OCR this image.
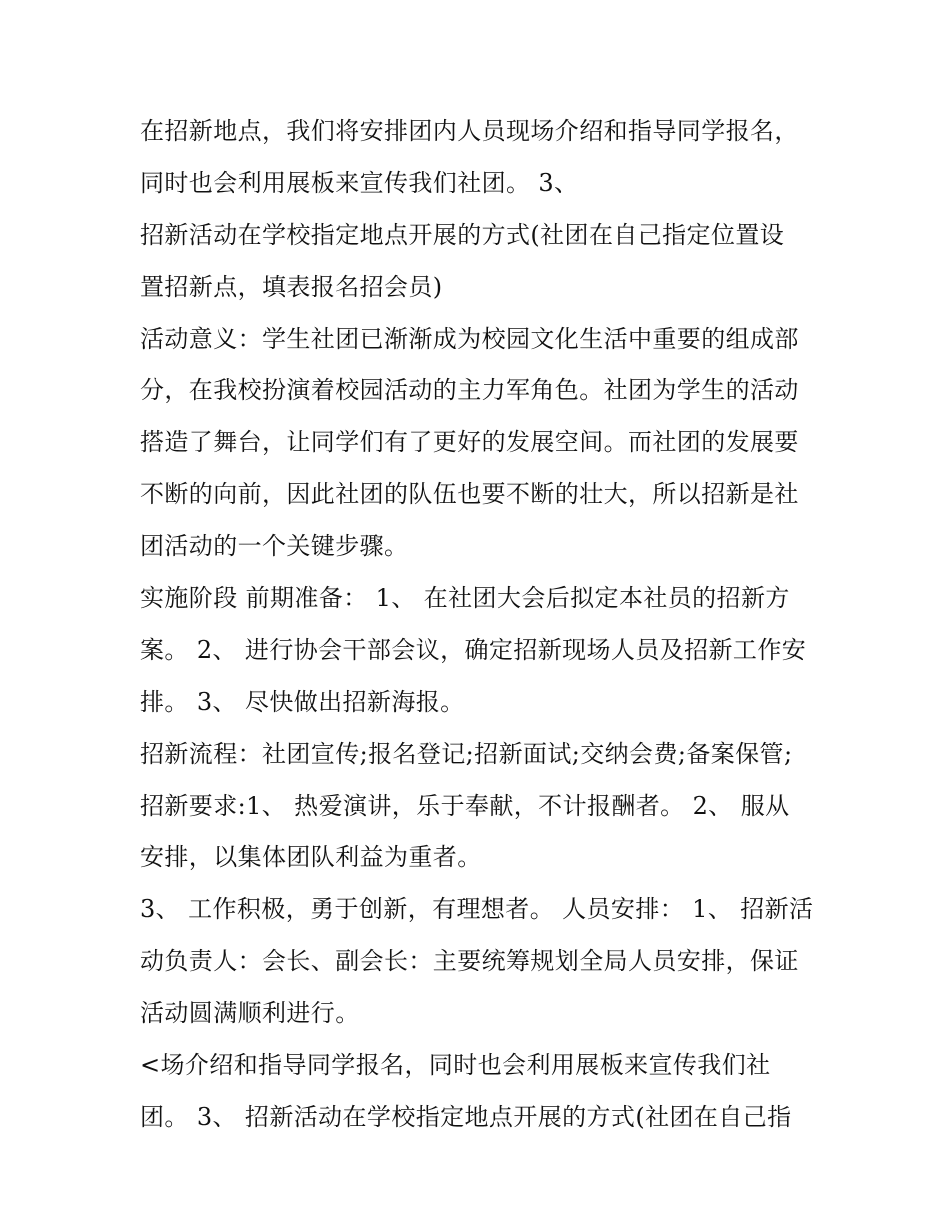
在招新地点，我们将安排团内人员现场介绍和指导同学报名，
同时也会利用展板来宣传我们社团。 3、
招新活动在学校指定地点开展的方式(社团在自己指定位置设
置招新点，填表报名招会员)
活动意义：学生社团已渐渐成为校园文化生活中重要的组成部
分，在我校扮演着校园活动的主力军角色。社团为学生的活动
搭造了舞台，让同学们有了更好的发展空间。而社团的发展要
不断的向前，因此社团的队伍也要不断的壮大，所以招新是社
团活动的一个关键步骤。
实施阶段 前期准备： 1、 在社团大会后拟定本社员的招新方
案。 2、 进行协会干部会议，确定招新现场人员及招新工作安
排。 3、 尽快做出招新海报。
招新流程：社团宣传;报名登记;招新面试;交纳会费;备案保管;
招新要求:1、 热爱演讲，乐于奉献，不计报酬者。 2、 服从
安排，以集体团队利益为重者。
3、 工作积极，勇于创新，有理想者。 人员安排： 1、 招新活
动负责人：会长、副会长：主要统筹规划全局人员安排，保证
活动圆满顺利进行。
<场介绍和指导同学报名，同时也会利用展板来宣传我们社
团。 3、 招新活动在学校指定地点开展的方式(社团在自己指
